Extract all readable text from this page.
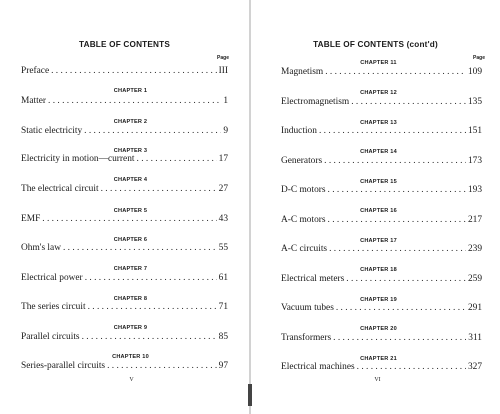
TABLE OF CONTENTS
Page
Preface . . .	III
CHAPTER 1
Matter . . .	1
CHAPTER 2
Static electricity . . .	9
CHAPTER 3
Electricity in motion—current . . .	17
CHAPTER 4
The electrical circuit . . .	27
CHAPTER 5
EMF . . .	43
CHAPTER 6
Ohm's law . . .	55
CHAPTER 7
Electrical power . . .	61
CHAPTER 8
The series circuit . . .	71
CHAPTER 9
Parallel circuits . . .	85
CHAPTER 10
Series-parallel circuits . . .	97
V
TABLE OF CONTENTS (cont'd)
Page
CHAPTER 11
Magnetism . . .	109
CHAPTER 12
Electromagnetism . . .	135
CHAPTER 13
Induction . . .	151
CHAPTER 14
Generators . . .	173
CHAPTER 15
D-C motors . . .	193
CHAPTER 16
A-C motors . . .	217
CHAPTER 17
A-C circuits . . .	239
CHAPTER 18
Electrical meters . . .	259
CHAPTER 19
Vacuum tubes . . .	291
CHAPTER 20
Transformers . . .	311
CHAPTER 21
Electrical machines . . .	327
VI
